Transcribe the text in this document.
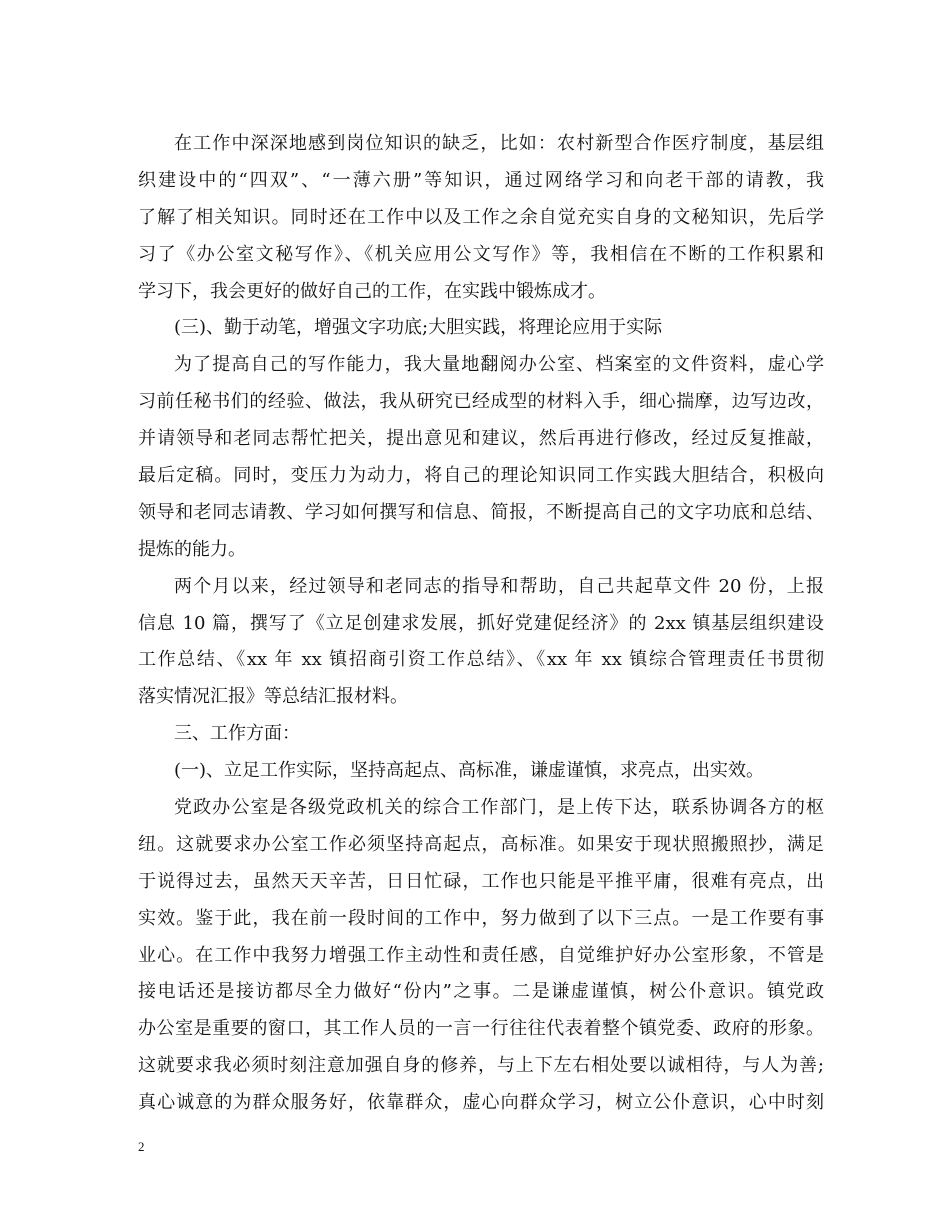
在工作中深深地感到岗位知识的缺乏，比如：农村新型合作医疗制度，基层组
织建设中的“四双”、“一薄六册”等知识，通过网络学习和向老干部的请教，我
了解了相关知识。同时还在工作中以及工作之余自觉充实自身的文秘知识，先后学
习了《办公室文秘写作》、《机关应用公文写作》等，我相信在不断的工作积累和
学习下，我会更好的做好自己的工作，在实践中锻炼成才。
(三)、勤于动笔，增强文字功底;大胆实践，将理论应用于实际
为了提高自己的写作能力，我大量地翻阅办公室、档案室的文件资料，虚心学
习前任秘书们的经验、做法，我从研究已经成型的材料入手，细心揣摩，边写边改，
并请领导和老同志帮忙把关，提出意见和建议，然后再进行修改，经过反复推敲，
最后定稿。同时，变压力为动力，将自己的理论知识同工作实践大胆结合，积极向
领导和老同志请教、学习如何撰写和信息、简报，不断提高自己的文字功底和总结、
提炼的能力。
两个月以来，经过领导和老同志的指导和帮助，自己共起草文件 20 份，上报
信息 10 篇，撰写了《立足创建求发展，抓好党建促经济》的 2xx 镇基层组织建设
工作总结、《xx 年 xx 镇招商引资工作总结》、《xx 年 xx 镇综合管理责任书贯彻
落实情况汇报》等总结汇报材料。
三、工作方面：
(一)、立足工作实际，坚持高起点、高标准，谦虚谨慎，求亮点，出实效。
党政办公室是各级党政机关的综合工作部门，是上传下达，联系协调各方的枢
纽。这就要求办公室工作必须坚持高起点，高标准。如果安于现状照搬照抄，满足
于说得过去，虽然天天辛苦，日日忙碌，工作也只能是平推平庸，很难有亮点，出
实效。鉴于此，我在前一段时间的工作中，努力做到了以下三点。一是工作要有事
业心。在工作中我努力增强工作主动性和责任感，自觉维护好办公室形象，不管是
接电话还是接访都尽全力做好“份内”之事。二是谦虚谨慎，树公仆意识。镇党政
办公室是重要的窗口，其工作人员的一言一行往往代表着整个镇党委、政府的形象。
这就要求我必须时刻注意加强自身的修养，与上下左右相处要以诚相待，与人为善;
真心诚意的为群众服务好，依靠群众，虚心向群众学习，树立公仆意识，心中时刻
2
